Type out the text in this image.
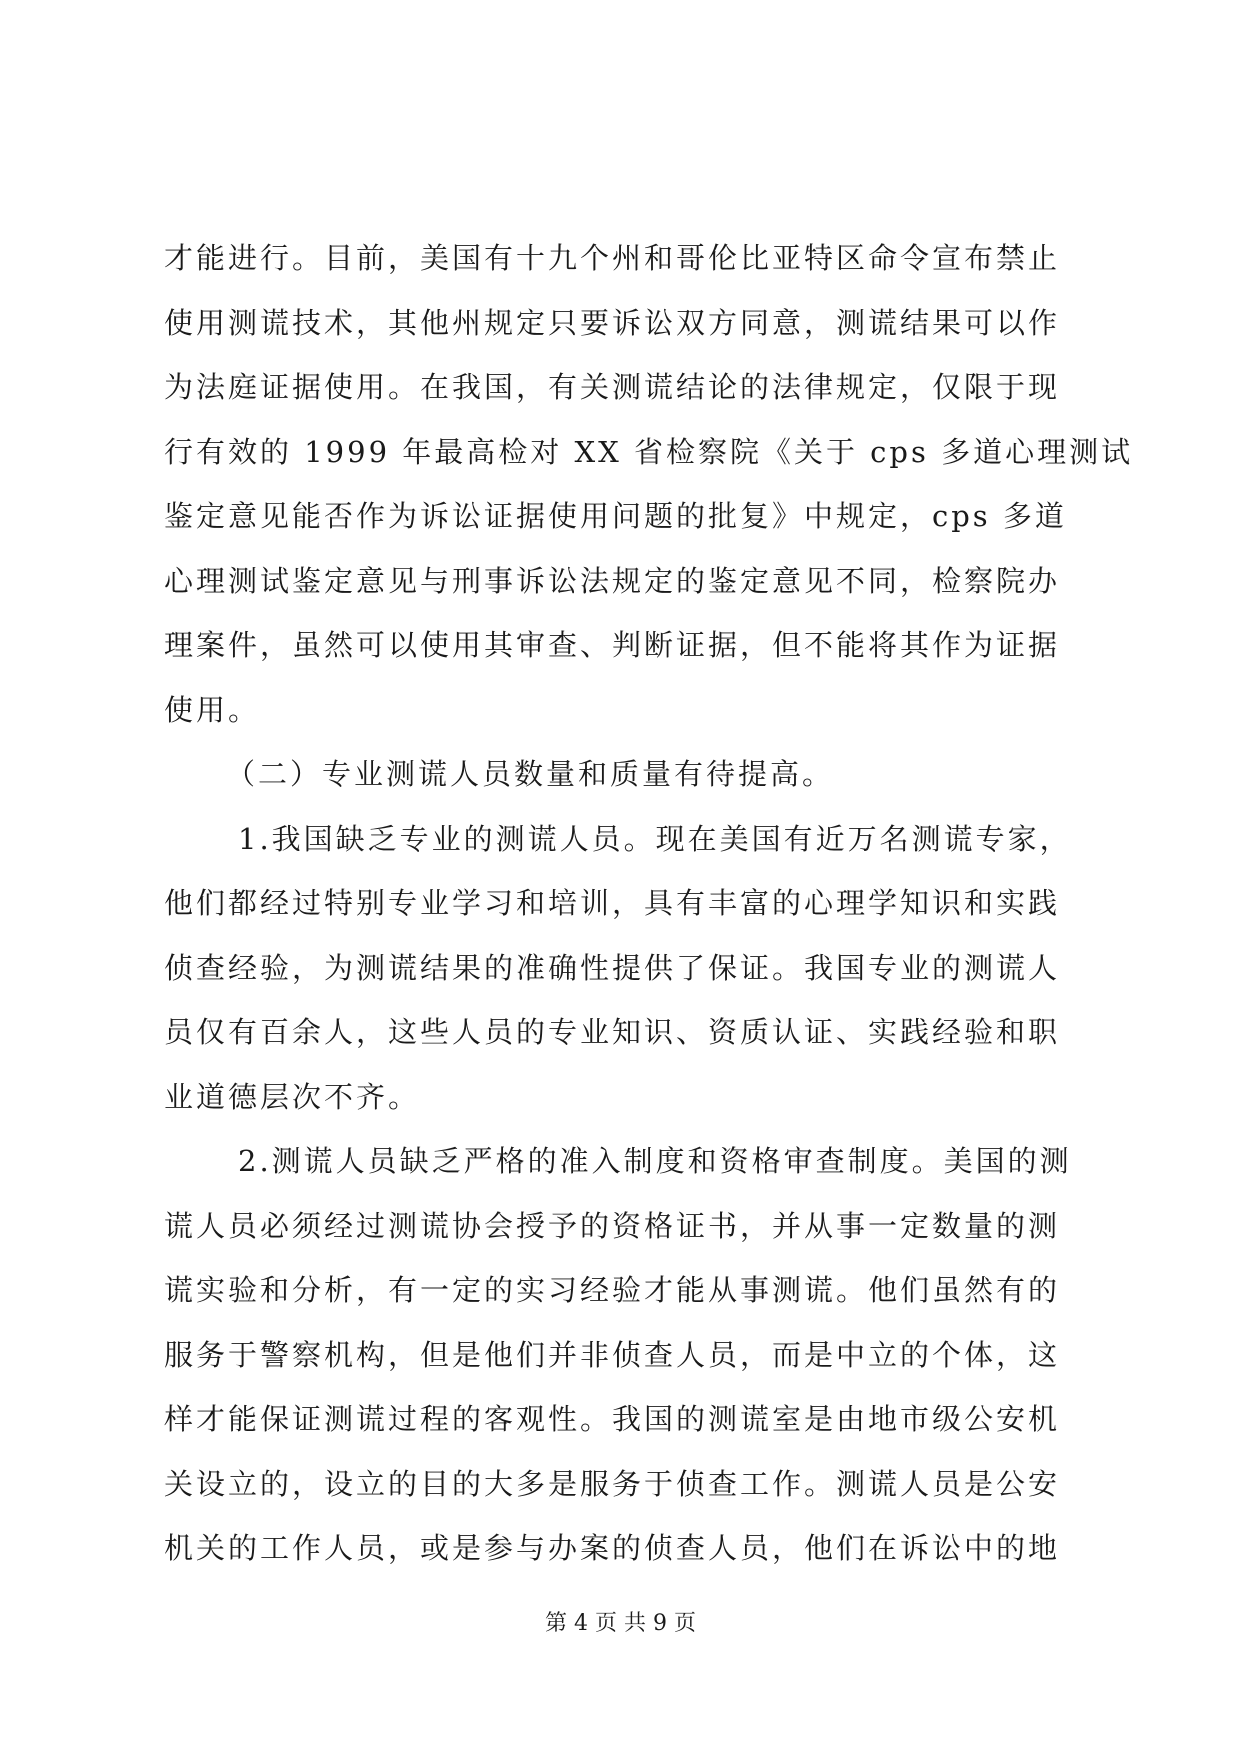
才能进行。目前，美国有十九个州和哥伦比亚特区命令宣布禁止
使用测谎技术，其他州规定只要诉讼双方同意，测谎结果可以作
为法庭证据使用。在我国，有关测谎结论的法律规定，仅限于现
行有效的 1999 年最高检对 XX 省检察院《关于 cps 多道心理测试
鉴定意见能否作为诉讼证据使用问题的批复》中规定，cps 多道
心理测试鉴定意见与刑事诉讼法规定的鉴定意见不同，检察院办
理案件，虽然可以使用其审查、判断证据，但不能将其作为证据
使用。
（二）专业测谎人员数量和质量有待提高。
1.我国缺乏专业的测谎人员。现在美国有近万名测谎专家，
他们都经过特别专业学习和培训，具有丰富的心理学知识和实践
侦查经验，为测谎结果的准确性提供了保证。我国专业的测谎人
员仅有百余人，这些人员的专业知识、资质认证、实践经验和职
业道德层次不齐。
2.测谎人员缺乏严格的准入制度和资格审查制度。美国的测
谎人员必须经过测谎协会授予的资格证书，并从事一定数量的测
谎实验和分析，有一定的实习经验才能从事测谎。他们虽然有的
服务于警察机构，但是他们并非侦查人员，而是中立的个体，这
样才能保证测谎过程的客观性。我国的测谎室是由地市级公安机
关设立的，设立的目的大多是服务于侦查工作。测谎人员是公安
机关的工作人员，或是参与办案的侦查人员，他们在诉讼中的地
第 4 页 共 9 页
